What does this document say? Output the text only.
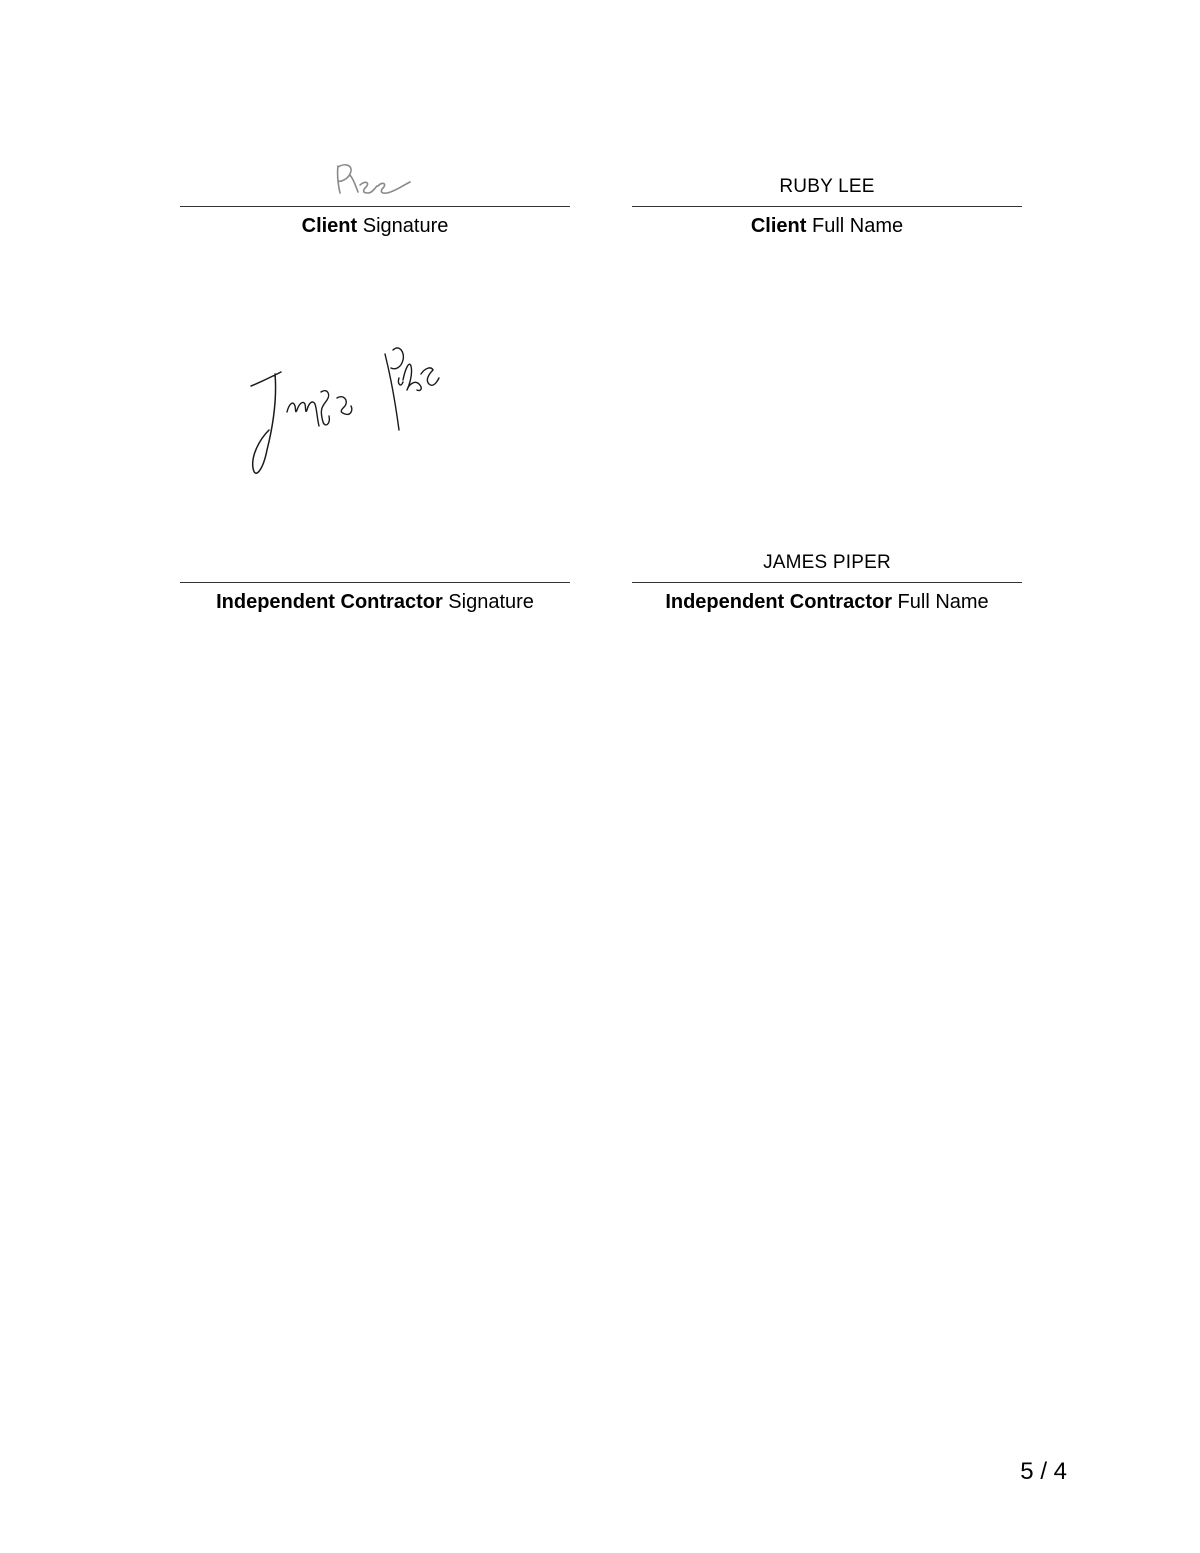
Client Signature
RUBY LEE
Client Full Name
Independent Contractor Signature
JAMES PIPER
Independent Contractor Full Name
5 / 4
